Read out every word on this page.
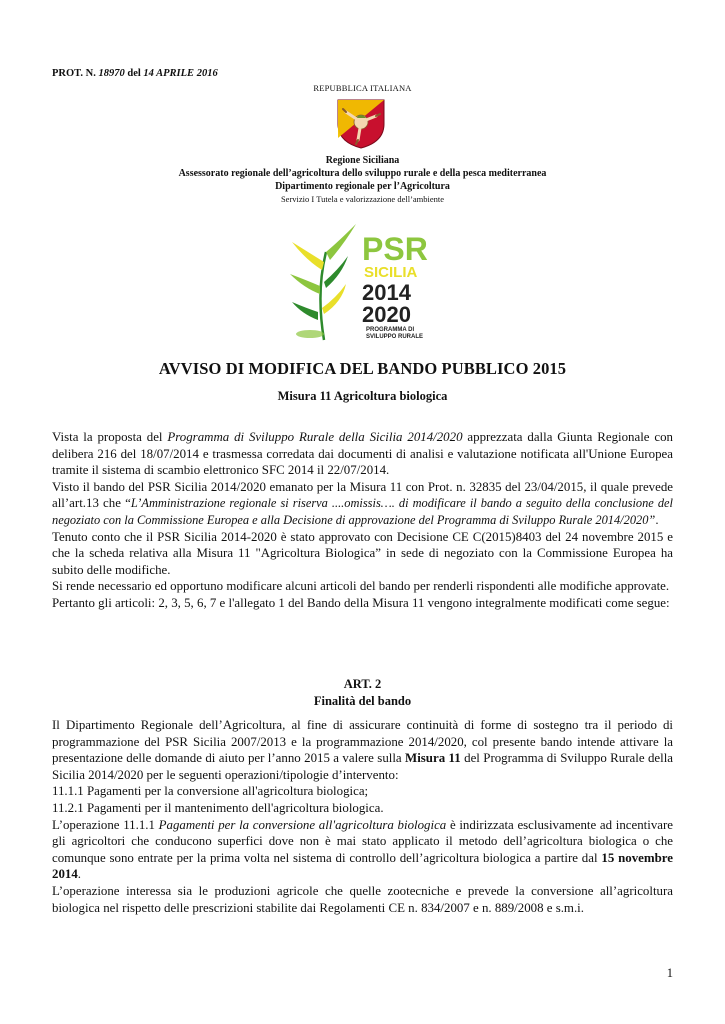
PROT. N. 18970 del 14 APRILE 2016
REPUBBLICA ITALIANA
Regione Siciliana
Assessorato regionale dell’agricoltura dello sviluppo rurale e della pesca mediterranea
Dipartimento regionale per l’Agricoltura
Servizio I Tutela e valorizzazione dell’ambiente
PSR
SICILIA
2014
2020
PROGRAMMA DI
SVILUPPO RURALE
AVVISO DI MODIFICA DEL BANDO PUBBLICO 2015
Misura 11 Agricoltura biologica

Vista la proposta del Programma di Sviluppo Rurale della Sicilia 2014/2020 apprezzata dalla Giunta Regionale con delibera 216 del 18/07/2014 e trasmessa corredata dai documenti di analisi e valutazione notificata all'Unione Europea tramite il sistema di scambio elettronico SFC 2014 il 22/07/2014.

Visto il bando del PSR Sicilia 2014/2020 emanato per la Misura 11 con Prot. n. 32835 del 23/04/2015, il quale prevede all’art.13 che “L’Amministrazione regionale si riserva ....omissis…. di modificare il bando a seguito della conclusione del negoziato con la Commissione Europea e alla Decisione di approvazione del Programma di Sviluppo Rurale 2014/2020”.

Tenuto conto che il PSR Sicilia 2014-2020 è stato approvato con Decisione CE C(2015)8403 del 24 novembre 2015 e che la scheda relativa alla Misura 11 "Agricoltura Biologica” in sede di negoziato con la Commissione Europea ha subito delle modifiche.

Si rende necessario ed opportuno modificare alcuni articoli del bando per renderli rispondenti alle modifiche approvate.

Pertanto gli articoli: 2, 3, 5, 6, 7 e l'allegato 1 del Bando della Misura 11 vengono integralmente modificati come segue:

ART. 2
Finalità del bando

Il Dipartimento Regionale dell’Agricoltura, al fine di assicurare continuità di forme di sostegno tra il periodo di programmazione del PSR Sicilia 2007/2013 e la programmazione 2014/2020, col presente bando intende attivare la presentazione delle domande di aiuto per l’anno 2015 a valere sulla Misura 11 del Programma di Sviluppo Rurale della Sicilia 2014/2020 per le seguenti operazioni/tipologie d’intervento:

11.1.1 Pagamenti per la conversione all'agricoltura biologica;

11.2.1 Pagamenti per il mantenimento dell'agricoltura biologica.

L’operazione 11.1.1 Pagamenti per la conversione all'agricoltura biologica è indirizzata esclusivamente ad incentivare gli agricoltori che conducono superfici dove non è mai stato applicato il metodo dell’agricoltura biologica o che comunque sono entrate per la prima volta nel sistema di controllo dell’agricoltura biologica a partire dal 15 novembre 2014.

L’operazione interessa sia le produzioni agricole che quelle zootecniche e prevede la conversione all’agricoltura biologica nel rispetto delle prescrizioni stabilite dai Regolamenti CE n. 834/2007 e n. 889/2008 e s.m.i.

1
